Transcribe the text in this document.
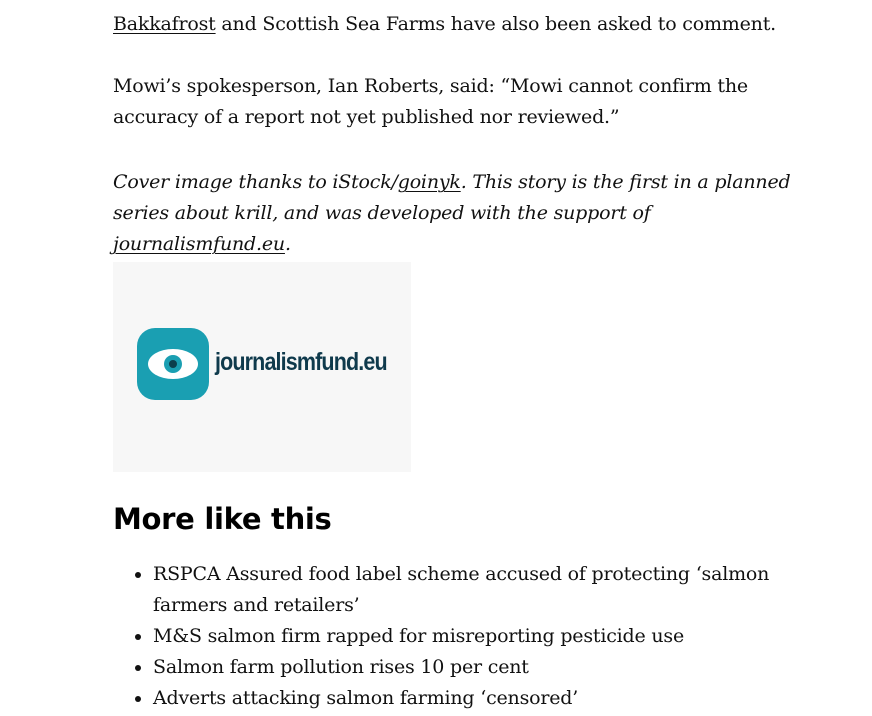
Bakkafrost and Scottish Sea Farms have also been asked to comment.

Mowi’s spokesperson, Ian Roberts, said: “Mowi cannot confirm the accuracy of a report not yet published nor reviewed.”

Cover image thanks to iStock/goinyk. This story is the first in a planned series about krill, and was developed with the support of journalismfund.eu.

journalismfund.eu
More like this
RSPCA Assured food label scheme accused of protecting ‘salmon farmers and retailers’
M&S salmon firm rapped for misreporting pesticide use
Salmon farm pollution rises 10 per cent
Adverts attacking salmon farming ‘censored’
